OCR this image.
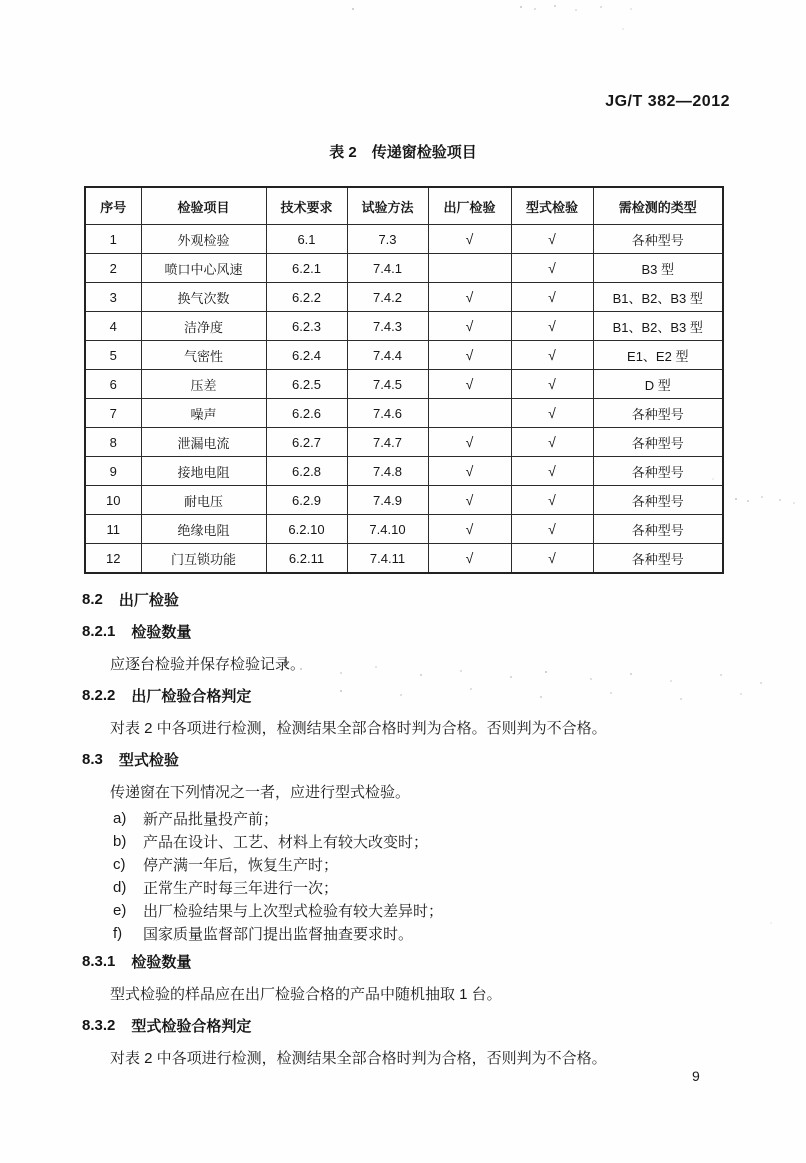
JG/T 382—2012
表 2　传递窗检验项目
序号	检验项目	技术要求	试验方法	出厂检验	型式检验	需检测的类型
1	外观检验	6.1	7.3	√	√	各种型号
2	喷口中心风速	6.2.1	7.4.1		√	B3 型
3	换气次数	6.2.2	7.4.2	√	√	B1、B2、B3 型
4	洁净度	6.2.3	7.4.3	√	√	B1、B2、B3 型
5	气密性	6.2.4	7.4.4	√	√	E1、E2 型
6	压差	6.2.5	7.4.5	√	√	D 型
7	噪声	6.2.6	7.4.6		√	各种型号
8	泄漏电流	6.2.7	7.4.7	√	√	各种型号
9	接地电阻	6.2.8	7.4.8	√	√	各种型号
10	耐电压	6.2.9	7.4.9	√	√	各种型号
11	绝缘电阻	6.2.10	7.4.10	√	√	各种型号
12	门互锁功能	6.2.11	7.4.11	√	√	各种型号
8.2 出厂检验
8.2.1 检验数量
应逐台检验并保存检验记录。
8.2.2 出厂检验合格判定
对表 2 中各项进行检测，检测结果全部合格时判为合格。否则判为不合格。
8.3 型式检验
传递窗在下列情况之一者，应进行型式检验。
a)	新产品批量投产前；
b)	产品在设计、工艺、材料上有较大改变时；
c)	停产满一年后，恢复生产时；
d)	正常生产时每三年进行一次；
e)	出厂检验结果与上次型式检验有较大差异时；
f)	国家质量监督部门提出监督抽查要求时。
8.3.1 检验数量
型式检验的样品应在出厂检验合格的产品中随机抽取 1 台。
8.3.2 型式检验合格判定
对表 2 中各项进行检测，检测结果全部合格时判为合格，否则判为不合格。
9
